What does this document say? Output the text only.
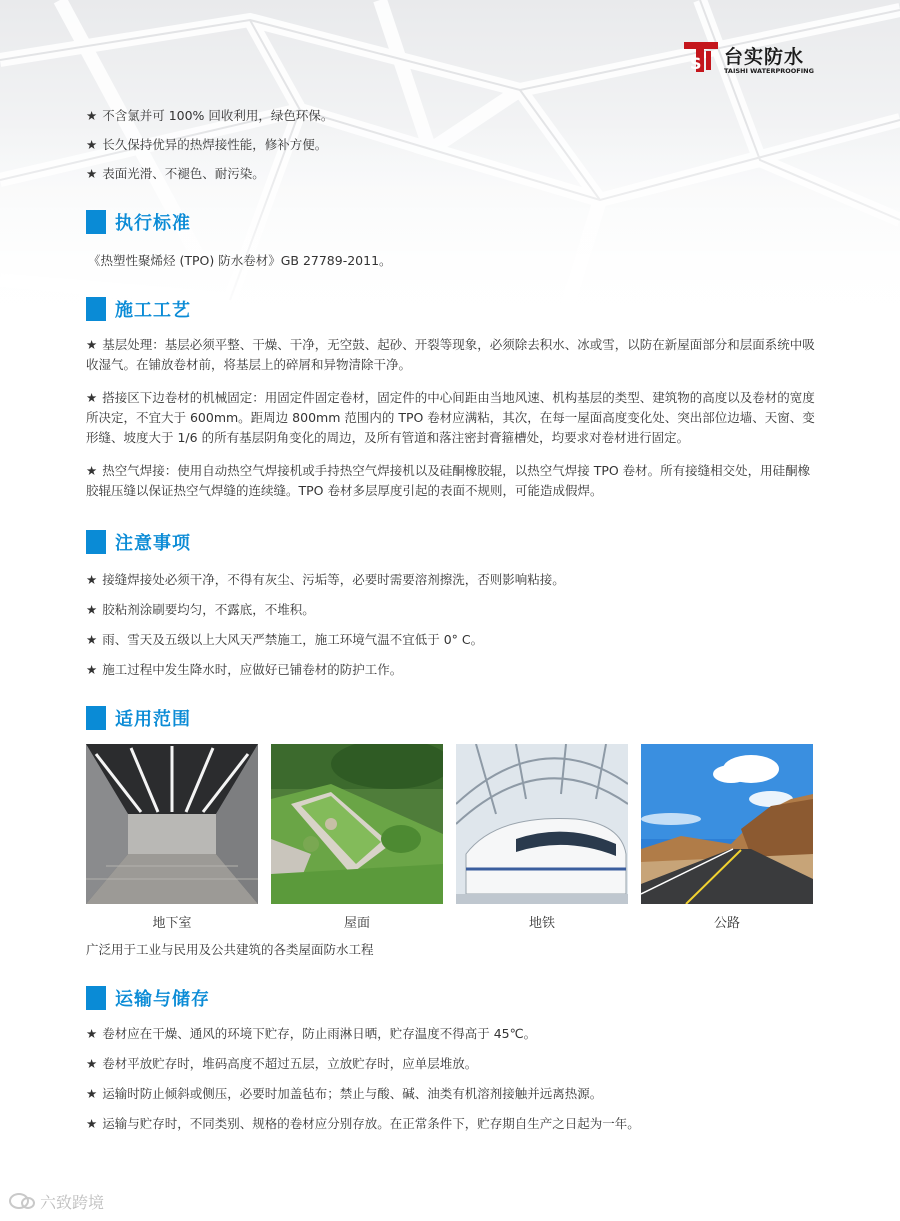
S 台实防水
TAISHI WATERPROOFING

★ 不含氯并可 100% 回收利用，绿色环保。

★ 长久保持优异的热焊接性能，修补方便。

★ 表面光滑、不褪色、耐污染。

执行标准

《热塑性聚烯烃 (TPO) 防水卷材》GB 27789-2011。

施工工艺

★ 基层处理：基层必须平整、干燥、干净，无空鼓、起砂、开裂等现象，必须除去积水、冰或雪，以防在新屋面部分和层面系统中吸收湿气。在铺放卷材前，将基层上的碎屑和异物清除干净。

★ 搭接区下边卷材的机械固定：用固定件固定卷材，固定件的中心间距由当地风速、机构基层的类型、建筑物的高度以及卷材的宽度所决定，不宜大于 600mm。距周边 800mm 范围内的 TPO 卷材应满粘，其次，在每一屋面高度变化处、突出部位边墙、天窗、变形缝、坡度大于 1/6 的所有基层阴角变化的周边，及所有管道和落注密封膏箍槽处，均要求对卷材进行固定。

★ 热空气焊接：使用自动热空气焊接机或手持热空气焊接机以及硅酮橡胶辊，以热空气焊接 TPO 卷材。所有接缝相交处，用硅酮橡胶辊压缝以保证热空气焊缝的连续缝。TPO 卷材多层厚度引起的表面不规则，可能造成假焊。

注意事项

★ 接缝焊接处必须干净，不得有灰尘、污垢等，必要时需要溶剂擦洗，否则影响粘接。

★ 胶粘剂涂刷要均匀，不露底，不堆积。

★ 雨、雪天及五级以上大风天严禁施工，施工环境气温不宜低于 0° C。

★ 施工过程中发生降水时，应做好已铺卷材的防护工作。

适用范围
地下室	屋面	地铁	公路

广泛用于工业与民用及公共建筑的各类屋面防水工程

运输与储存

★ 卷材应在干燥、通风的环境下贮存，防止雨淋日晒，贮存温度不得高于 45℃。

★ 卷材平放贮存时，堆码高度不超过五层，立放贮存时，应单层堆放。

★ 运输时防止倾斜或侧压，必要时加盖毡布；禁止与酸、碱、油类有机溶剂接触并远离热源。

★ 运输与贮存时，不同类别、规格的卷材应分别存放。在正常条件下，贮存期自生产之日起为一年。

六致跨境
